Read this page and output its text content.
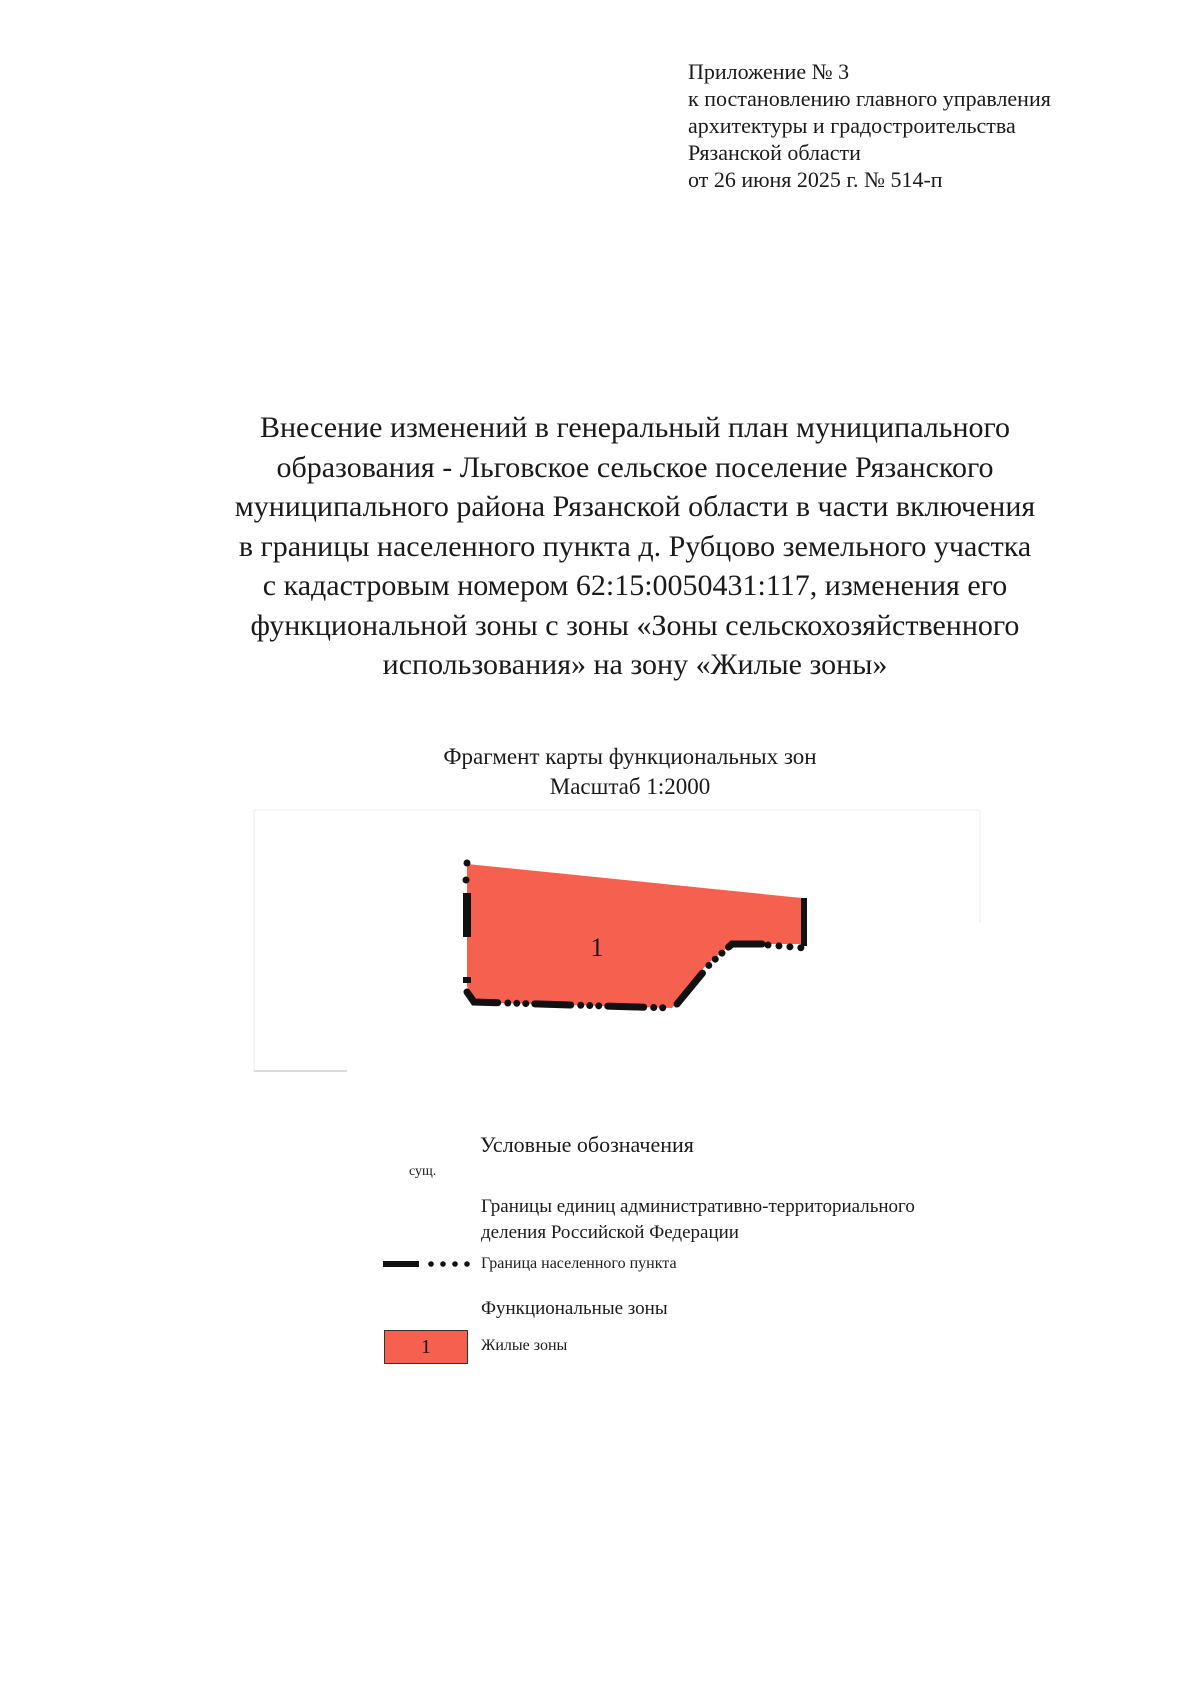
Приложение № 3
к постановлению главного управления
архитектуры и градостроительства
Рязанской области
от 26 июня 2025 г. № 514-п
Внесение изменений в генеральный план муниципального
образования - Льговское сельское поселение Рязанского
муниципального района Рязанской области в части включения
в границы населенного пункта д. Рубцово земельного участка
с кадастровым номером 62:15:0050431:117, изменения его
функциональной зоны с зоны «Зоны сельскохозяйственного
использования» на зону «Жилые зоны»
Фрагмент карты функциональных зон
Масштаб 1:2000
1
Условные обозначения
сущ.
Границы единиц административно-территориального
деления Российской Федерации
Граница населенного пункта
Функциональные зоны
1	Жилые зоны
